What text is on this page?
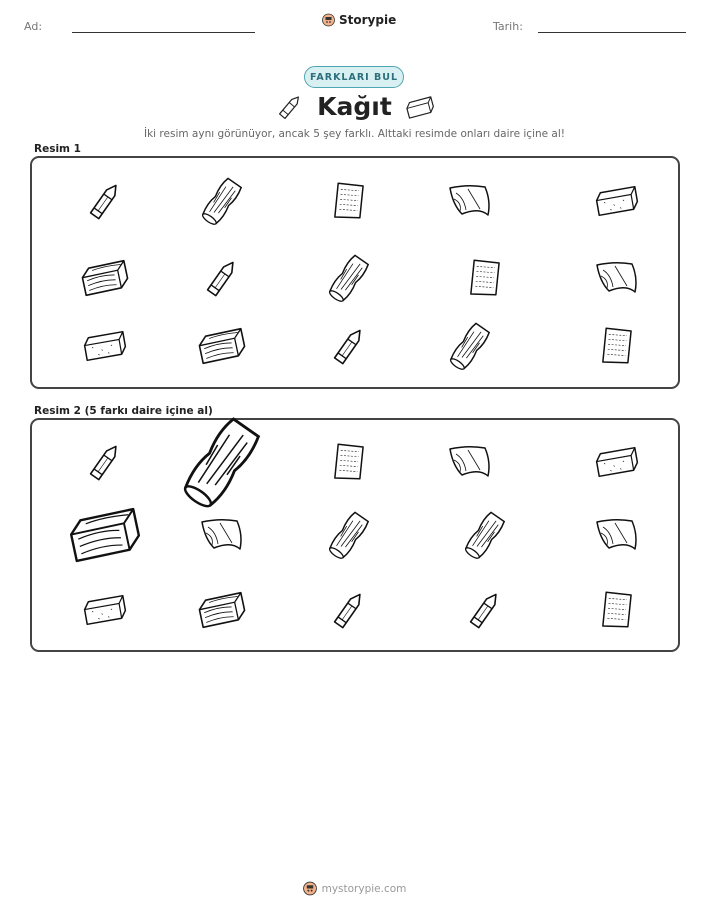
Ad:	Storypie	Tarih:
FARKLARI BUL
Kağıt
İki resim aynı görünüyor, ancak 5 şey farklı. Alttaki resimde onları daire içine al!
Resim 1
Resim 2 (5 farkı daire içine al)
mystorypie.com
